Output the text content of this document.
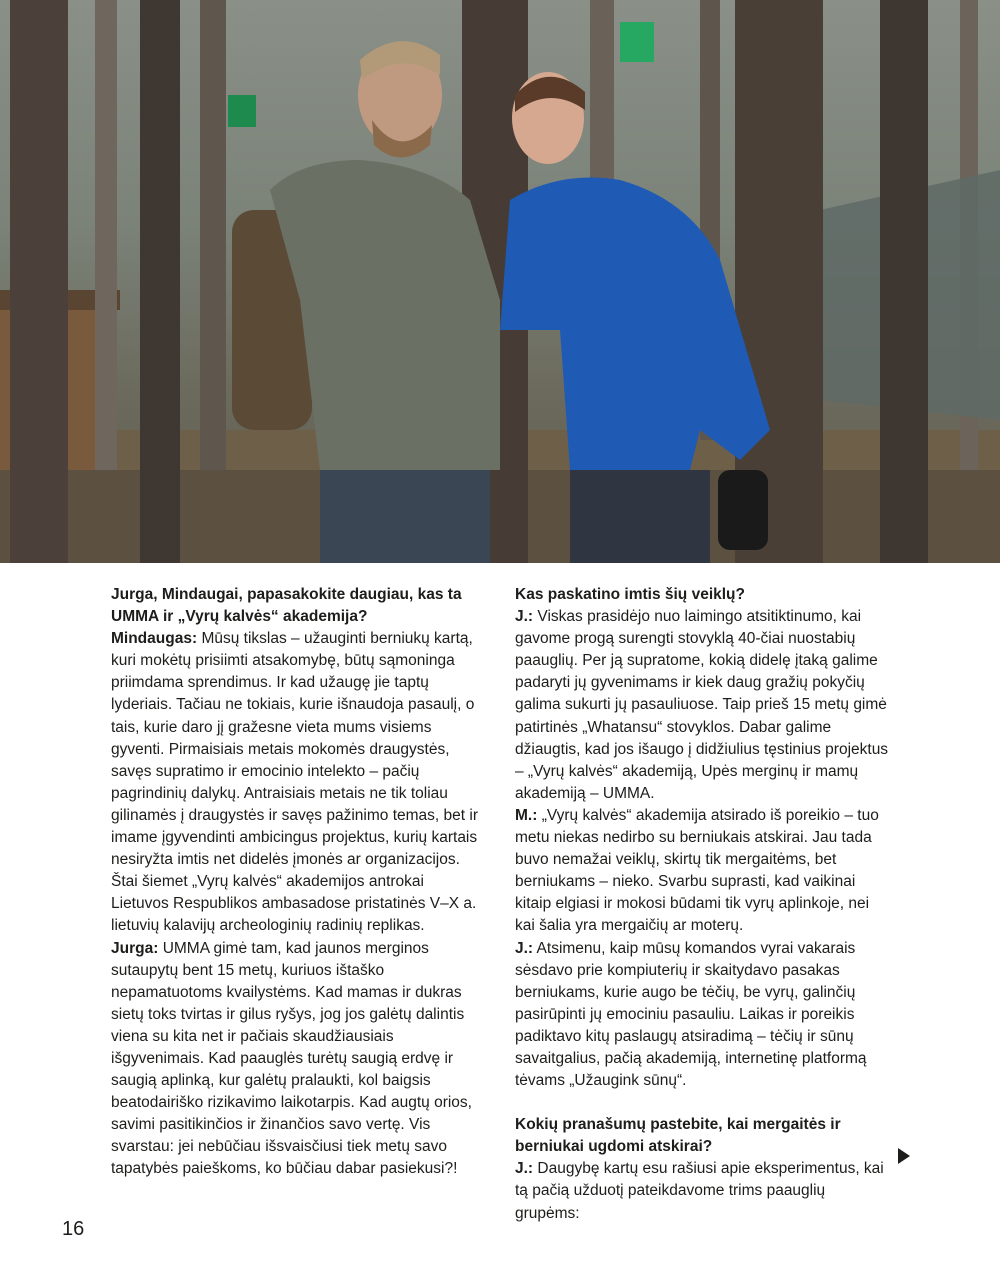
Jurga, Mindaugai, papasakokite daugiau, kas ta UMMA ir „Vyrų kalvės“ akademija?

Mindaugas: Mūsų tikslas – užauginti berniukų kartą, kuri mokėtų prisiimti atsakomybę, būtų sąmoninga priimdama sprendimus. Ir kad užaugę jie taptų lyderiais. Tačiau ne tokiais, kurie išnaudoja pasaulį, o tais, kurie daro jį gražesne vieta mums visiems gyventi. Pirmaisiais metais mokomės draugystės, savęs supratimo ir emocinio intelekto – pačių pagrindinių dalykų. Antraisiais metais ne tik toliau gilinamės į draugystės ir savęs pažinimo temas, bet ir imame įgyvendinti ambicingus projektus, kurių kartais nesiryžta imtis net didelės įmonės ar organizacijos. Štai šiemet „Vyrų kalvės“ akademijos antrokai Lietuvos Respublikos ambasadose pristatinės V–X a. lietuvių kalavijų archeologinių radinių replikas.

Jurga: UMMA gimė tam, kad jaunos merginos sutaupytų bent 15 metų, kuriuos ištaško nepamatuotoms kvailystėms. Kad mamas ir dukras sietų toks tvirtas ir gilus ryšys, jog jos galėtų dalintis viena su kita net ir pačiais skaudžiausiais išgyvenimais. Kad paauglės turėtų saugią erdvę ir saugią aplinką, kur galėtų pralaukti, kol baigsis beatodairiško rizikavimo laikotarpis. Kad augtų orios, savimi pasitikinčios ir žinančios savo vertę. Vis svarstau: jei nebūčiau išsvaisčiusi tiek metų savo tapatybės paieškoms, ko būčiau dabar pasiekusi?!

Kas paskatino imtis šių veiklų?

J.: Viskas prasidėjo nuo laimingo atsitiktinumo, kai gavome progą surengti stovyklą 40-čiai nuostabių paauglių. Per ją supratome, kokią didelę įtaką galime padaryti jų gyvenimams ir kiek daug gražių pokyčių galima sukurti jų pasauliuose. Taip prieš 15 metų gimė patirtinės „Whatansu“ stovyklos. Dabar galime džiaugtis, kad jos išaugo į didžiulius tęstinius projektus – „Vyrų kalvės“ akademiją, Upės merginų ir mamų akademiją – UMMA.

M.: „Vyrų kalvės“ akademija atsirado iš poreikio – tuo metu niekas nedirbo su berniukais atskirai. Jau tada buvo nemažai veiklų, skirtų tik mergaitėms, bet berniukams – nieko. Svarbu suprasti, kad vaikinai kitaip elgiasi ir mokosi būdami tik vyrų aplinkoje, nei kai šalia yra mergaičių ar moterų.

J.: Atsimenu, kaip mūsų komandos vyrai vakarais sėsdavo prie kompiuterių ir skaitydavo pasakas berniukams, kurie augo be tėčių, be vyrų, galinčių pasirūpinti jų emociniu pasauliu. Laikas ir poreikis padiktavo kitų paslaugų atsiradimą – tėčių ir sūnų savaitgalius, pačią akademiją, internetinę platformą tėvams „Užaugink sūnų“.

Kokių pranašumų pastebite, kai mergaitės ir berniukai ugdomi atskirai?

J.: Daugybę kartų esu rašiusi apie eksperimentus, kai tą pačią užduotį pateikdavome trims paauglių grupėms:

16
